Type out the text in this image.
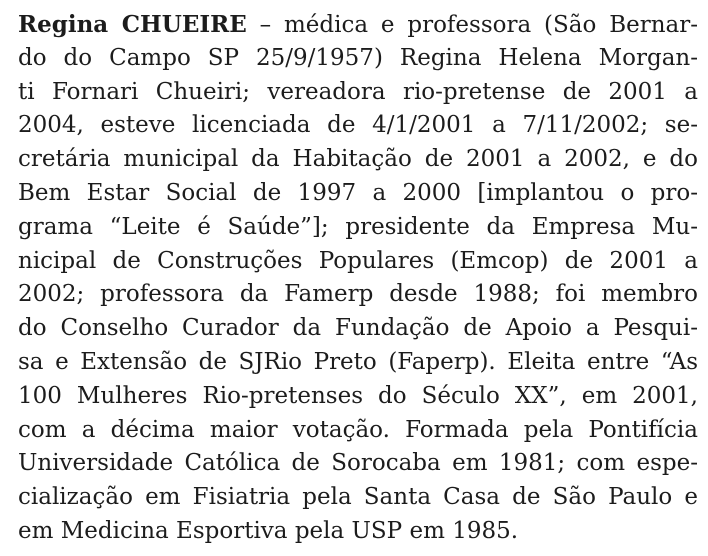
Regina CHUEIRE – médica e professora (São Bernar-
do do Campo SP 25/9/1957) Regina Helena Morgan-
ti Fornari Chueiri; vereadora rio-pretense de 2001 a
2004, esteve licenciada de 4/1/2001 a 7/11/2002; se-
cretária municipal da Habitação de 2001 a 2002, e do
Bem Estar Social de 1997 a 2000 [implantou o pro-
grama “Leite é Saúde”]; presidente da Empresa Mu-
nicipal de Construções Populares (Emcop) de 2001 a
2002; professora da Famerp desde 1988; foi membro
do Conselho Curador da Fundação de Apoio a Pesqui-
sa e Extensão de SJRio Preto (Faperp). Eleita entre “As
100 Mulheres Rio-pretenses do Século XX”, em 2001,
com a décima maior votação. Formada pela Pontifícia
Universidade Católica de Sorocaba em 1981; com espe-
cialização em Fisiatria pela Santa Casa de São Paulo e
em Medicina Esportiva pela USP em 1985.
